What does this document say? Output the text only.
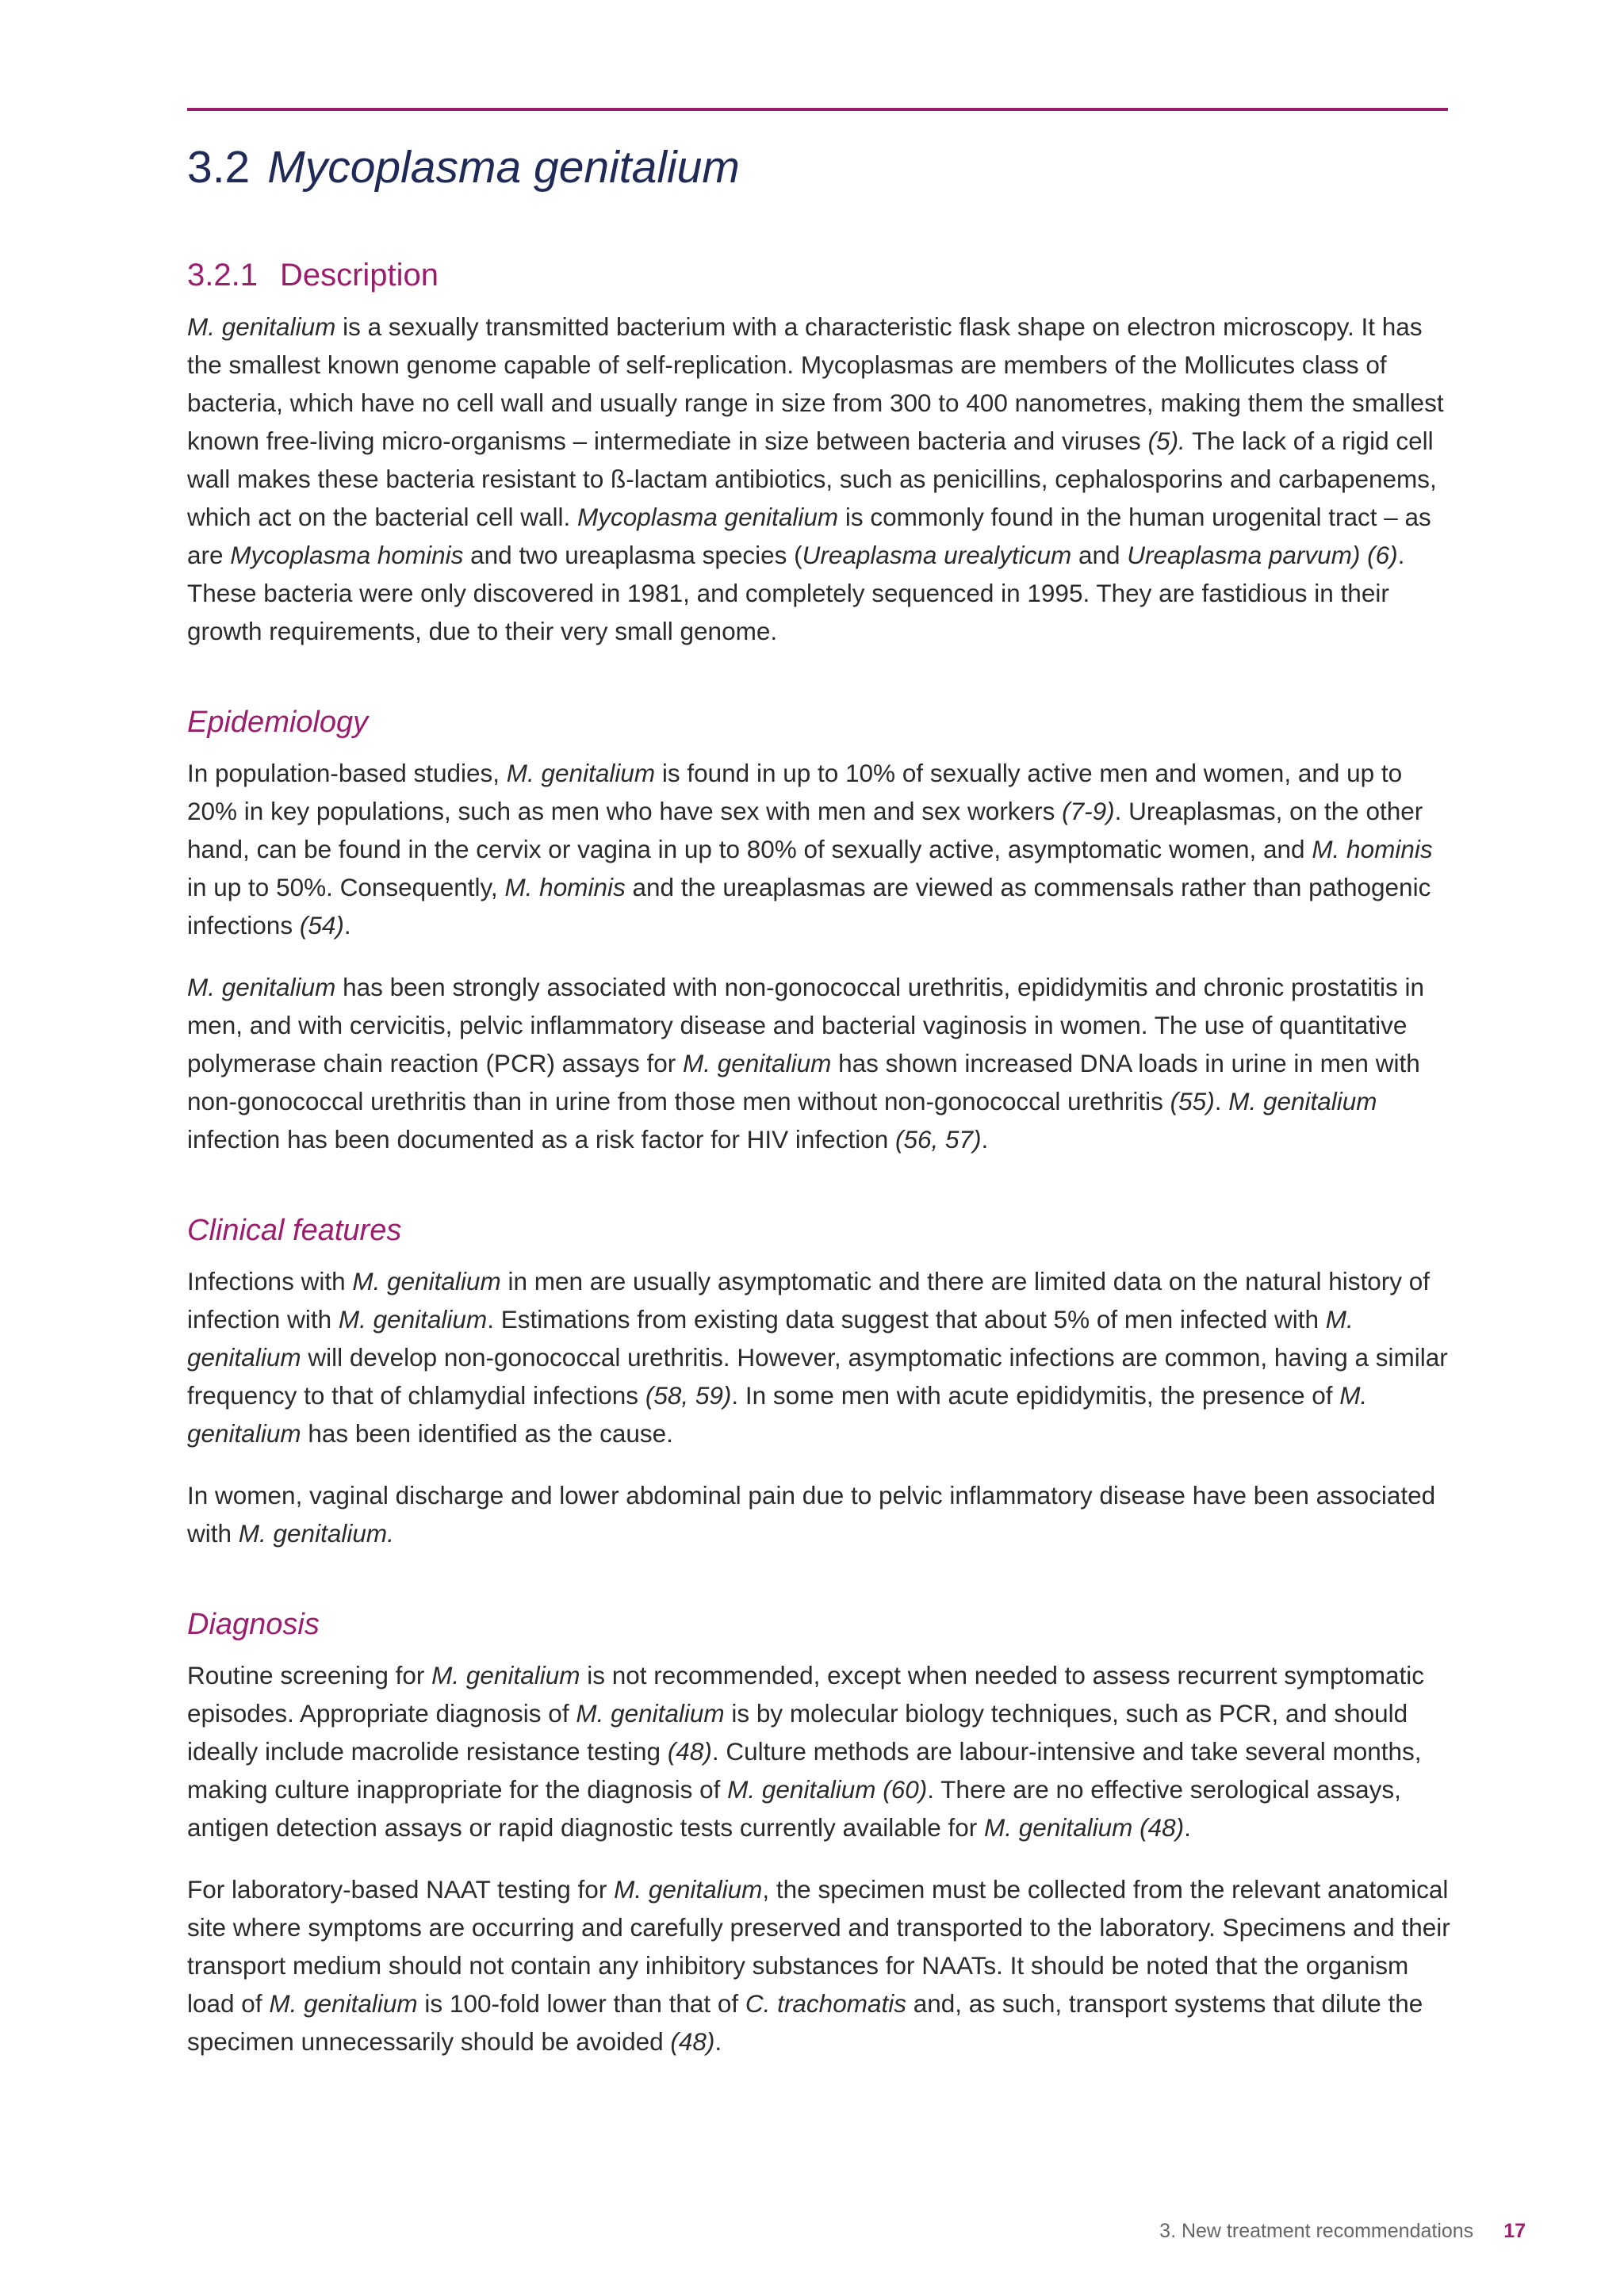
3.2 Mycoplasma genitalium
3.2.1 Description

M. genitalium is a sexually transmitted bacterium with a characteristic flask shape on electron microscopy. It has the smallest known genome capable of self-replication. Mycoplasmas are members of the Mollicutes class of bacteria, which have no cell wall and usually range in size from 300 to 400 nanometres, making them the smallest known free-living micro-organisms – intermediate in size between bacteria and viruses (5). The lack of a rigid cell wall makes these bacteria resistant to ß-lactam antibiotics, such as penicillins, cephalosporins and carbapenems, which act on the bacterial cell wall. Mycoplasma genitalium is commonly found in the human urogenital tract – as are Mycoplasma hominis and two ureaplasma species (Ureaplasma urealyticum and Ureaplasma parvum) (6). These bacteria were only discovered in 1981, and completely sequenced in 1995. They are fastidious in their growth requirements, due to their very small genome.

Epidemiology

In population-based studies, M. genitalium is found in up to 10% of sexually active men and women, and up to 20% in key populations, such as men who have sex with men and sex workers (7-9). Ureaplasmas, on the other hand, can be found in the cervix or vagina in up to 80% of sexually active, asymptomatic women, and M. hominis in up to 50%. Consequently, M. hominis and the ureaplasmas are viewed as commensals rather than pathogenic infections (54).

M. genitalium has been strongly associated with non-gonococcal urethritis, epididymitis and chronic prostatitis in men, and with cervicitis, pelvic inflammatory disease and bacterial vaginosis in women. The use of quantitative polymerase chain reaction (PCR) assays for M. genitalium has shown increased DNA loads in urine in men with non-gonococcal urethritis than in urine from those men without non-gonococcal urethritis (55). M. genitalium infection has been documented as a risk factor for HIV infection (56, 57).

Clinical features

Infections with M. genitalium in men are usually asymptomatic and there are limited data on the natural history of infection with M. genitalium. Estimations from existing data suggest that about 5% of men infected with M. genitalium will develop non-gonococcal urethritis. However, asymptomatic infections are common, having a similar frequency to that of chlamydial infections (58, 59). In some men with acute epididymitis, the presence of M. genitalium has been identified as the cause.

In women, vaginal discharge and lower abdominal pain due to pelvic inflammatory disease have been associated with M. genitalium.

Diagnosis

Routine screening for M. genitalium is not recommended, except when needed to assess recurrent symptomatic episodes. Appropriate diagnosis of M. genitalium is by molecular biology techniques, such as PCR, and should ideally include macrolide resistance testing (48). Culture methods are labour-intensive and take several months, making culture inappropriate for the diagnosis of M. genitalium (60). There are no effective serological assays, antigen detection assays or rapid diagnostic tests currently available for M. genitalium (48).

For laboratory-based NAAT testing for M. genitalium, the specimen must be collected from the relevant anatomical site where symptoms are occurring and carefully preserved and transported to the laboratory. Specimens and their transport medium should not contain any inhibitory substances for NAATs. It should be noted that the organism load of M. genitalium is 100-fold lower than that of C. trachomatis and, as such, transport systems that dilute the specimen unnecessarily should be avoided (48).

3. New treatment recommendations 17
